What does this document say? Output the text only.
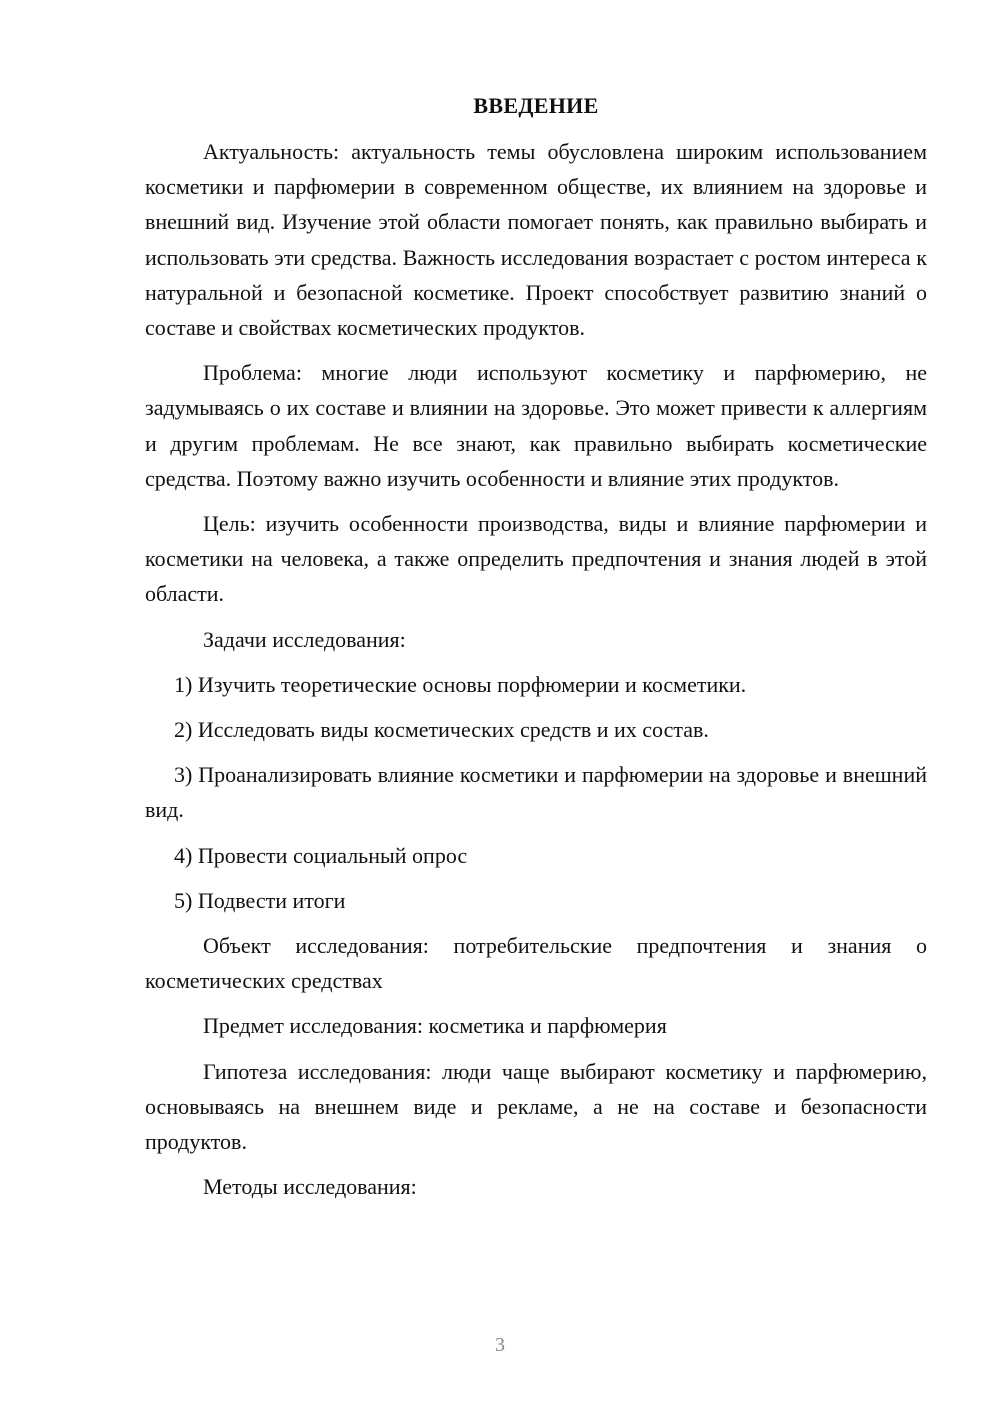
ВВЕДЕНИЕ

Актуальность: актуальность темы обусловлена широким использованием косметики и парфюмерии в современном обществе, их влиянием на здоровье и внешний вид. Изучение этой области помогает понять, как правильно выбирать и использовать эти средства. Важность исследования возрастает с ростом интереса к натуральной и безопасной косметике. Проект способствует развитию знаний о составе и свойствах косметических продуктов.

Проблема: многие люди используют косметику и парфюмерию, не задумываясь о их составе и влиянии на здоровье. Это может привести к аллергиям и другим проблемам. Не все знают, как правильно выбирать косметические средства. Поэтому важно изучить особенности и влияние этих продуктов.

Цель: изучить особенности производства, виды и влияние парфюмерии и косметики на человека, а также определить предпочтения и знания людей в этой области.

Задачи исследования:

1) Изучить теоретические основы порфюмерии и косметики.

2) Исследовать виды косметических средств и их состав.

3) Проанализировать влияние косметики и парфюмерии на здоровье и внешний вид.

4) Провести социальный опрос

5) Подвести итоги

Объект исследования: потребительские предпочтения и знания о косметических средствах

Предмет исследования: косметика и парфюмерия

Гипотеза исследования: люди чаще выбирают косметику и парфюмерию, основываясь на внешнем виде и рекламе, а не на составе и безопасности продуктов.

Методы исследования:

3
